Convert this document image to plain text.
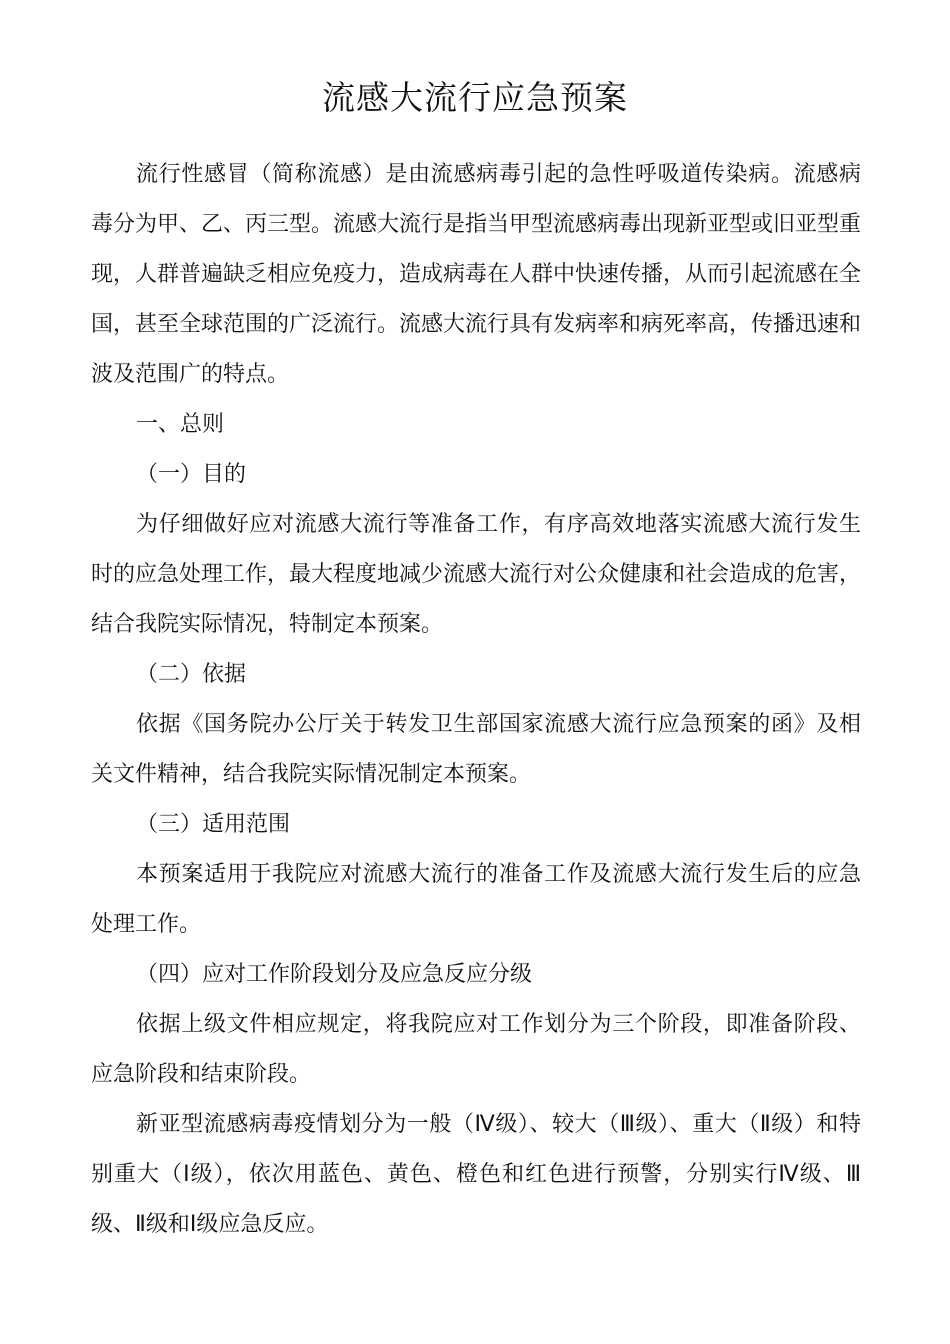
流感大流行应急预案

流行性感冒（简称流感）是由流感病毒引起的急性呼吸道传染病。流感病毒分为甲、乙、丙三型。流感大流行是指当甲型流感病毒出现新亚型或旧亚型重现，人群普遍缺乏相应免疫力，造成病毒在人群中快速传播，从而引起流感在全国，甚至全球范围的广泛流行。流感大流行具有发病率和病死率高，传播迅速和波及范围广的特点。

一、总则

（一）目的

为仔细做好应对流感大流行等准备工作，有序高效地落实流感大流行发生时的应急处理工作，最大程度地减少流感大流行对公众健康和社会造成的危害，结合我院实际情况，特制定本预案。

（二）依据

依据《国务院办公厅关于转发卫生部国家流感大流行应急预案的函》及相关文件精神，结合我院实际情况制定本预案。

（三）适用范围

本预案适用于我院应对流感大流行的准备工作及流感大流行发生后的应急处理工作。

（四）应对工作阶段划分及应急反应分级

依据上级文件相应规定，将我院应对工作划分为三个阶段，即准备阶段、应急阶段和结束阶段。

新亚型流感病毒疫情划分为一般（Ⅳ级）、较大（Ⅲ级）、重大（Ⅱ级）和特别重大（Ⅰ级），依次用蓝色、黄色、橙色和红色进行预警，分别实行Ⅳ级、Ⅲ级、Ⅱ级和Ⅰ级应急反应。
